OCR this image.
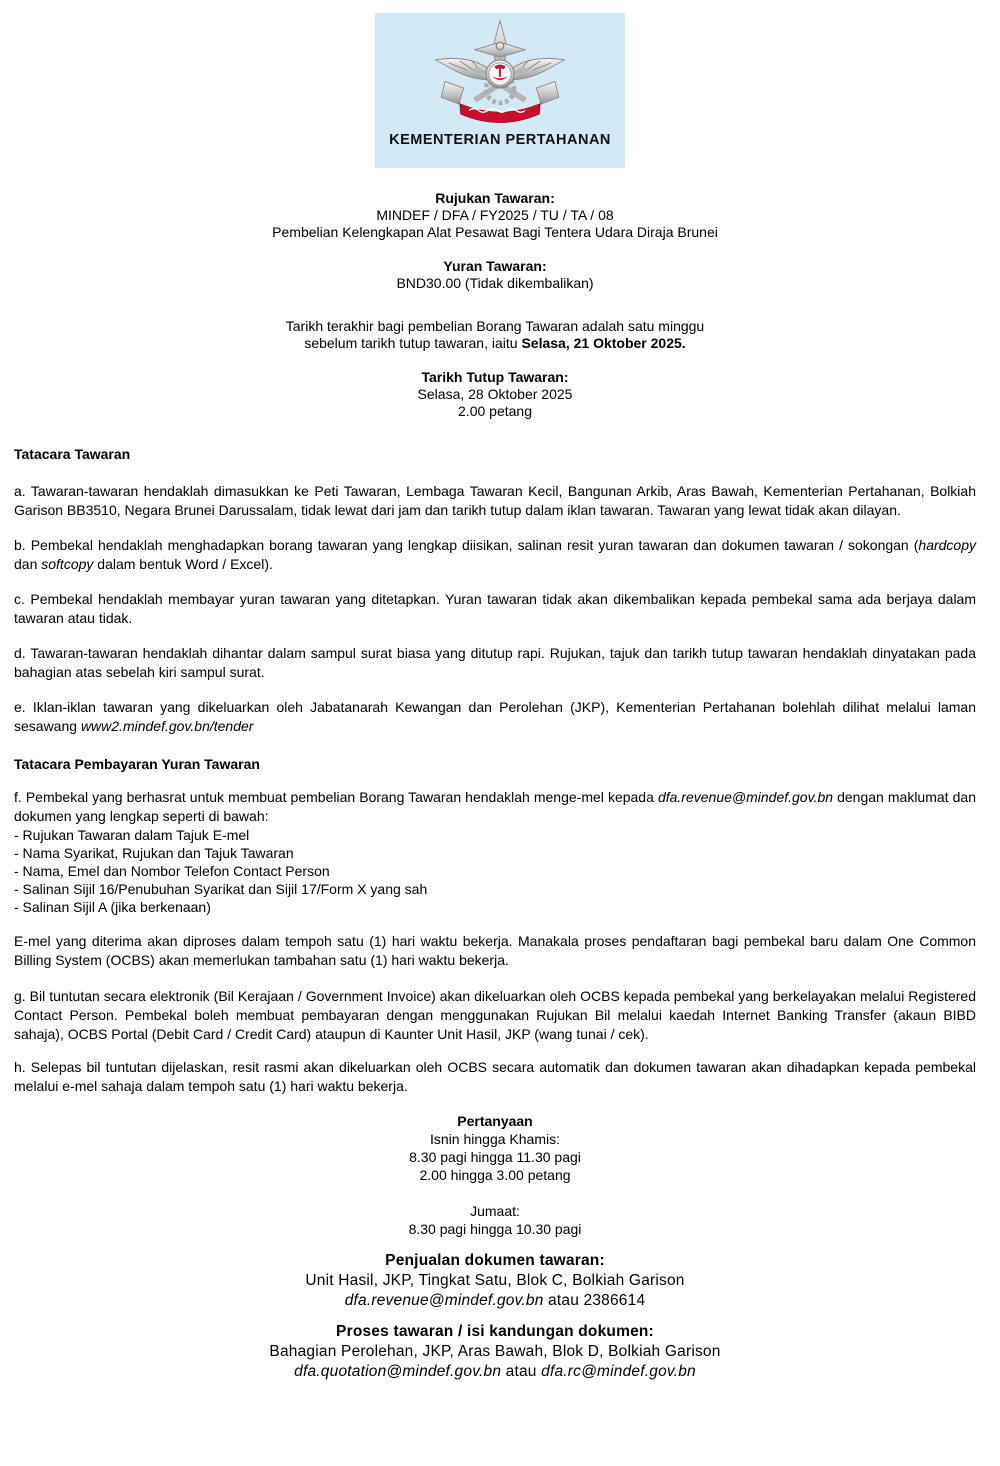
KEMENTERIAN PERTAHANAN
Rujukan Tawaran:
MINDEF / DFA / FY2025 / TU / TA / 08
Pembelian Kelengkapan Alat Pesawat Bagi Tentera Udara Diraja Brunei
Yuran Tawaran:
BND30.00 (Tidak dikembalikan)
Tarikh terakhir bagi pembelian Borang Tawaran adalah satu minggu
sebelum tarikh tutup tawaran, iaitu Selasa, 21 Oktober 2025.
Tarikh Tutup Tawaran:
Selasa, 28 Oktober 2025
2.00 petang
Tatacara Tawaran
a. Tawaran-tawaran hendaklah dimasukkan ke Peti Tawaran, Lembaga Tawaran Kecil, Bangunan Arkib, Aras Bawah, Kementerian Pertahanan, Bolkiah Garison BB3510, Negara Brunei Darussalam, tidak lewat dari jam dan tarikh tutup dalam iklan tawaran. Tawaran yang lewat tidak akan dilayan.
b. Pembekal hendaklah menghadapkan borang tawaran yang lengkap diisikan, salinan resit yuran tawaran dan dokumen tawaran / sokongan (hardcopy dan softcopy dalam bentuk Word / Excel).
c. Pembekal hendaklah membayar yuran tawaran yang ditetapkan. Yuran tawaran tidak akan dikembalikan kepada pembekal sama ada berjaya dalam tawaran atau tidak.
d. Tawaran-tawaran hendaklah dihantar dalam sampul surat biasa yang ditutup rapi. Rujukan, tajuk dan tarikh tutup tawaran hendaklah dinyatakan pada bahagian atas sebelah kiri sampul surat.
e. Iklan-iklan tawaran yang dikeluarkan oleh Jabatanarah Kewangan dan Perolehan (JKP), Kementerian Pertahanan bolehlah dilihat melalui laman sesawang www2.mindef.gov.bn/tender
Tatacara Pembayaran Yuran Tawaran
f. Pembekal yang berhasrat untuk membuat pembelian Borang Tawaran hendaklah menge-mel kepada dfa.revenue@mindef.gov.bn dengan maklumat dan dokumen yang lengkap seperti di bawah:
- Rujukan Tawaran dalam Tajuk E-mel
- Nama Syarikat, Rujukan dan Tajuk Tawaran
- Nama, Emel dan Nombor Telefon Contact Person
- Salinan Sijil 16/Penubuhan Syarikat dan Sijil 17/Form X yang sah
- Salinan Sijil A (jika berkenaan)
E-mel yang diterima akan diproses dalam tempoh satu (1) hari waktu bekerja. Manakala proses pendaftaran bagi pembekal baru dalam One Common Billing System (OCBS) akan memerlukan tambahan satu (1) hari waktu bekerja.
g. Bil tuntutan secara elektronik (Bil Kerajaan / Government Invoice) akan dikeluarkan oleh OCBS kepada pembekal yang berkelayakan melalui Registered Contact Person. Pembekal boleh membuat pembayaran dengan menggunakan Rujukan Bil melalui kaedah Internet Banking Transfer (akaun BIBD sahaja), OCBS Portal (Debit Card / Credit Card) ataupun di Kaunter Unit Hasil, JKP (wang tunai / cek).
h. Selepas bil tuntutan dijelaskan, resit rasmi akan dikeluarkan oleh OCBS secara automatik dan dokumen tawaran akan dihadapkan kepada pembekal melalui e-mel sahaja dalam tempoh satu (1) hari waktu bekerja.
Pertanyaan
Isnin hingga Khamis:
8.30 pagi hingga 11.30 pagi
2.00 hingga 3.00 petang
Jumaat:
8.30 pagi hingga 10.30 pagi
Penjualan dokumen tawaran:
Unit Hasil, JKP, Tingkat Satu, Blok C, Bolkiah Garison
dfa.revenue@mindef.gov.bn atau 2386614
Proses tawaran / isi kandungan dokumen:
Bahagian Perolehan, JKP, Aras Bawah, Blok D, Bolkiah Garison
dfa.quotation@mindef.gov.bn atau dfa.rc@mindef.gov.bn
